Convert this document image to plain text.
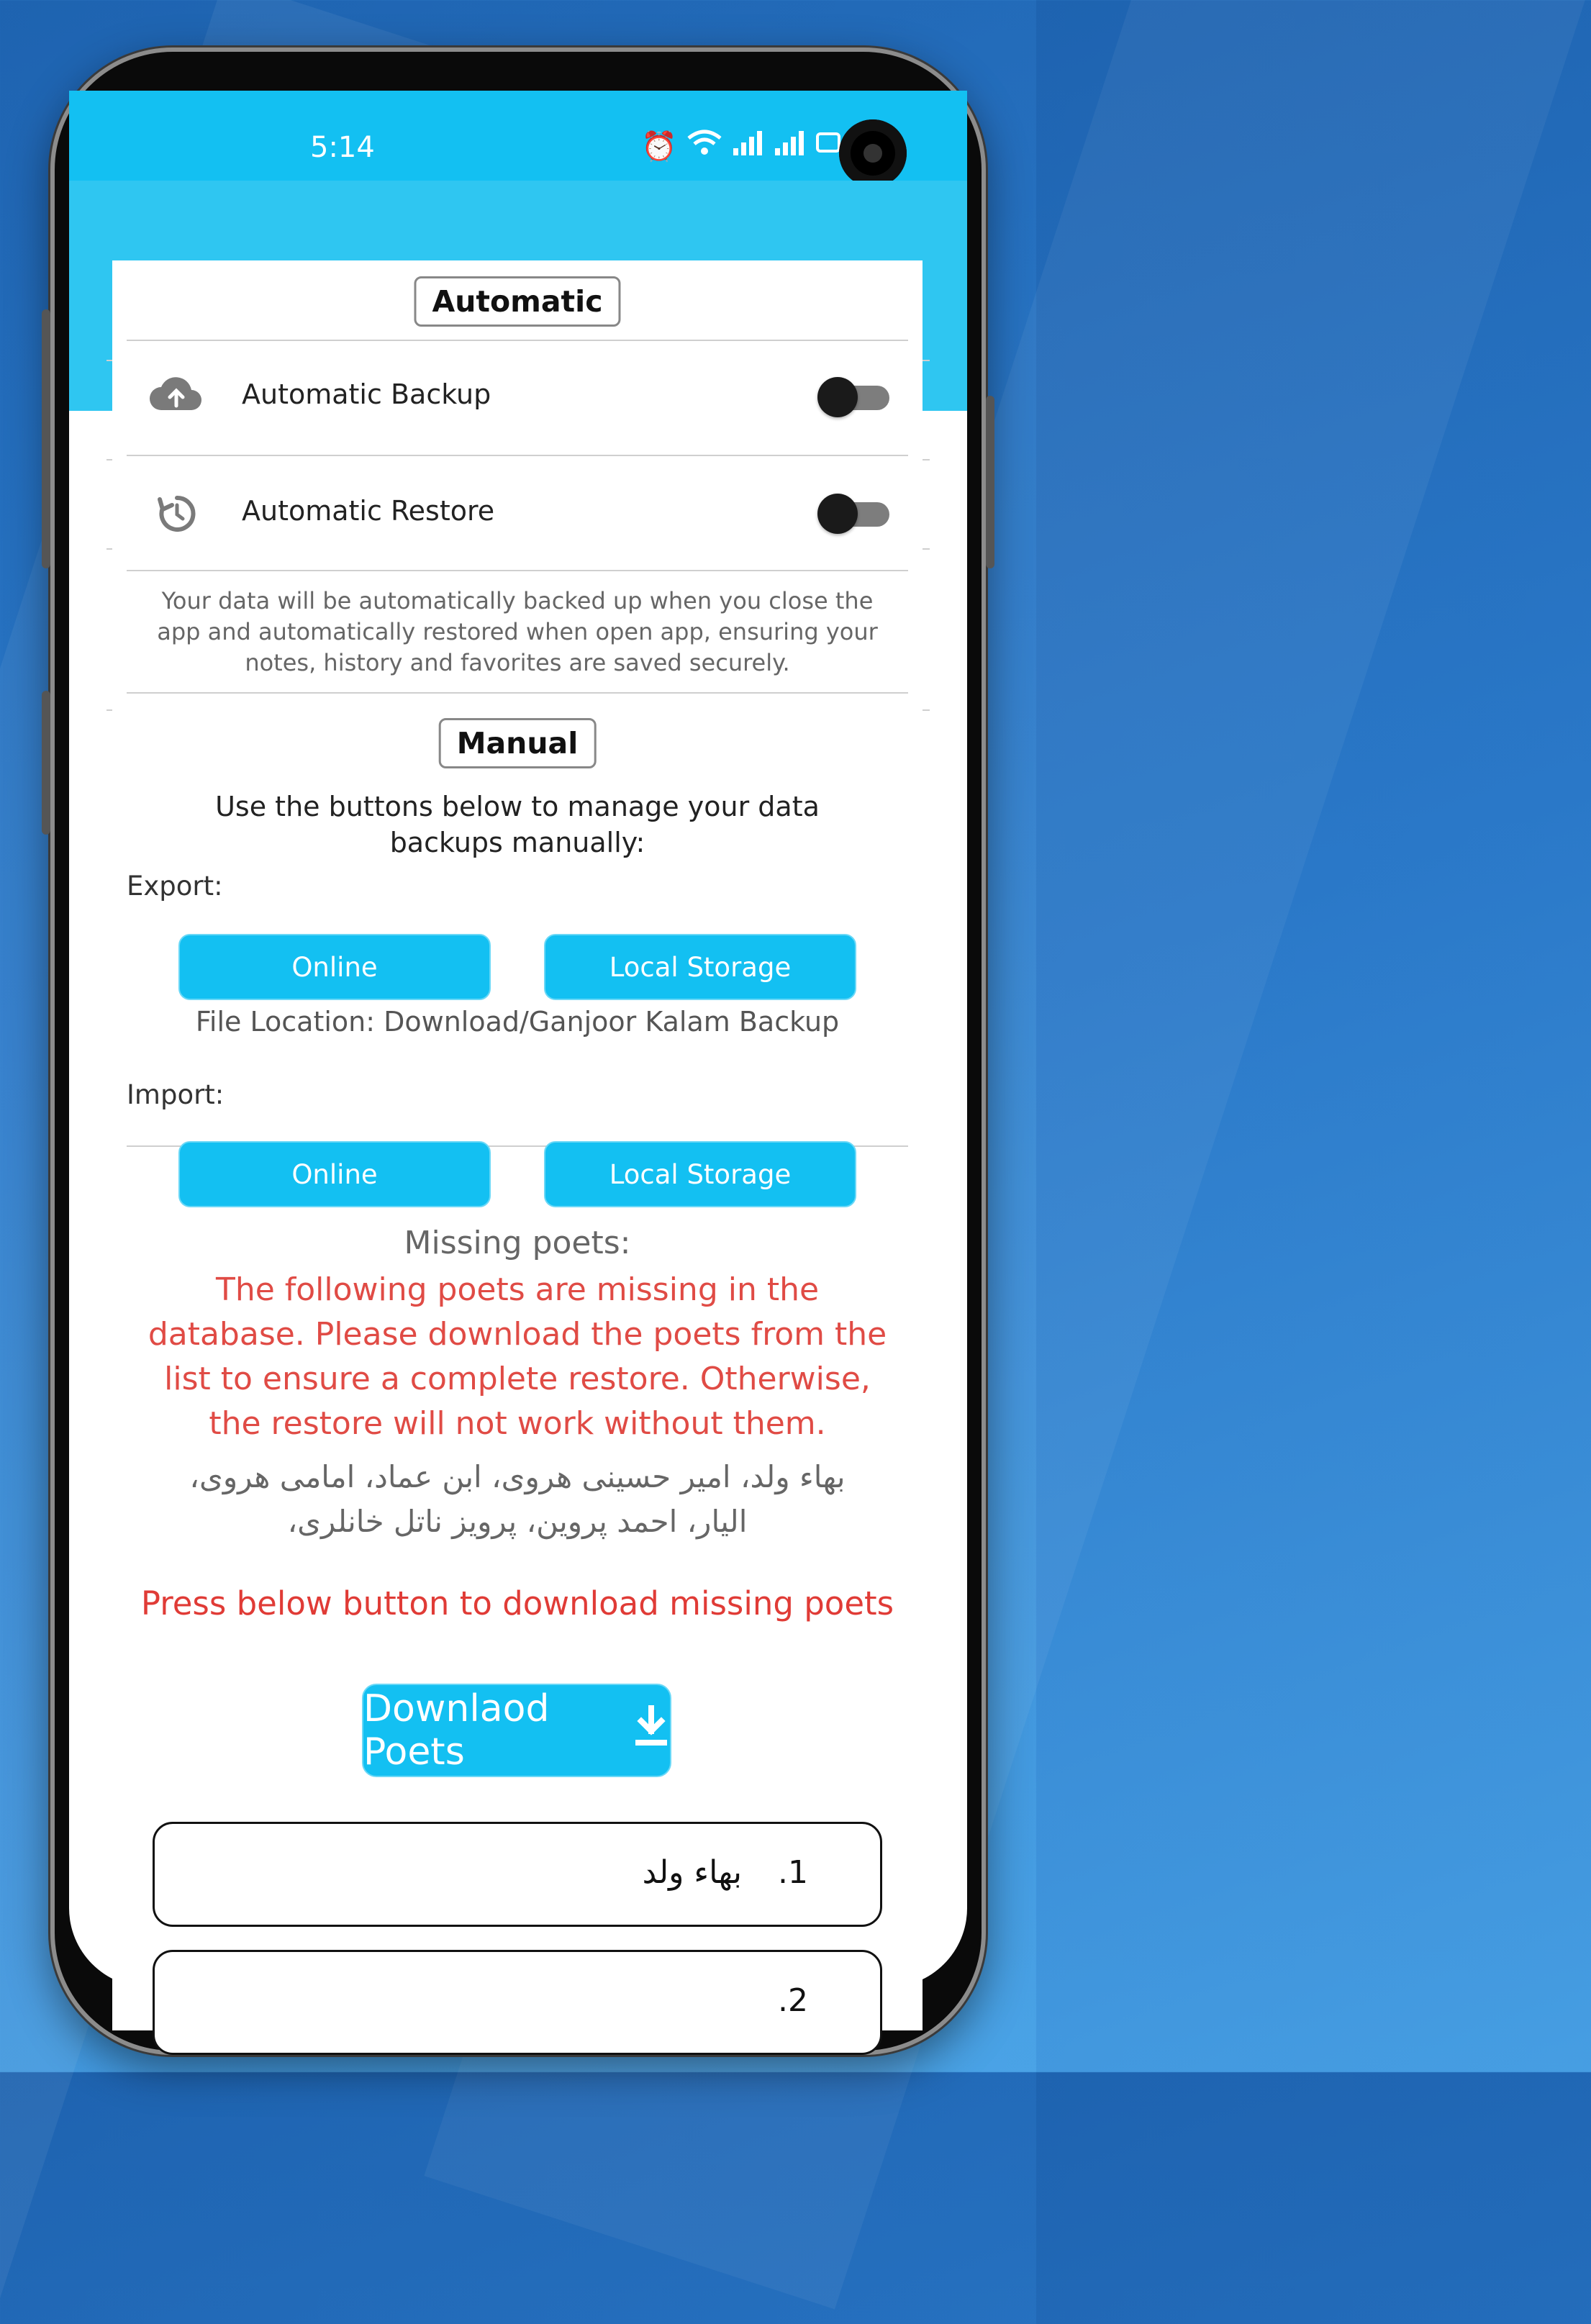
5:14	⏰
Automatic
Automatic Backup
Automatic Restore
Your data will be automatically backed up when you close the app and automatically restored when open app, ensuring your notes, history and favorites are saved securely.
Manual
Use the buttons below to manage your data backups manually:
Export:
Online	Local Storage
File Location: Download/Ganjoor Kalam Backup
Import:
Online	Local Storage
Missing poets:
The following poets are missing in the database. Please download the poets from the list to ensure a complete restore. Otherwise, the restore will not work without them.
بهاء ولد، امیر حسینی هروی، ابن عماد، امامی هروی،
الیار، احمد پروین، پرویز ناتل خانلری،
Press below button to download missing poets
Downlaod Poets
1. بهاء ولد
2.
